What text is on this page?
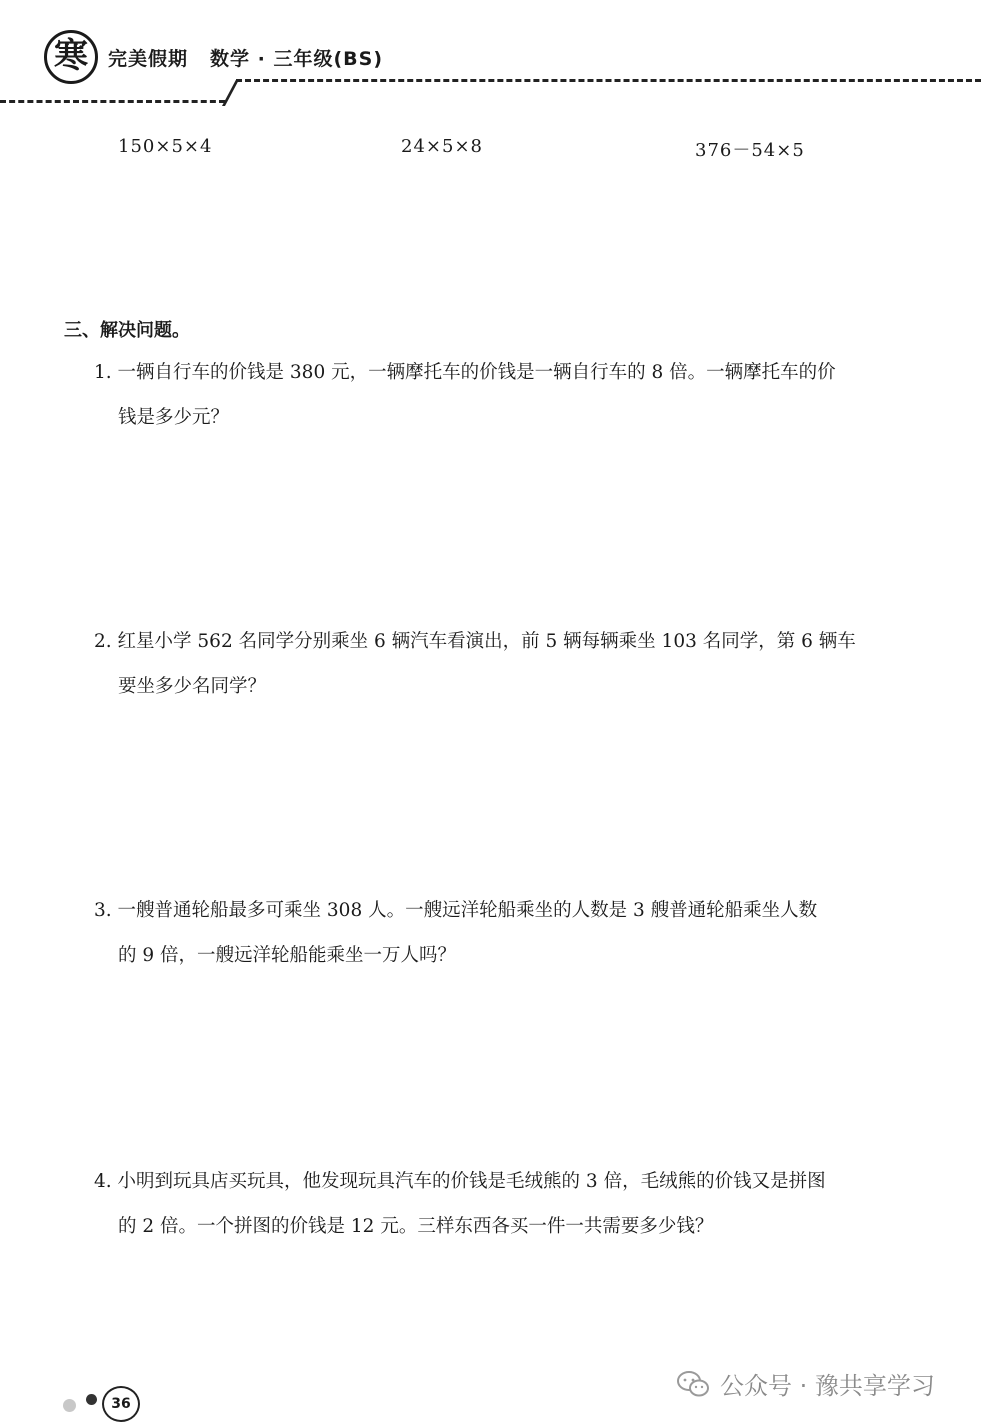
寒 完美假期 数学 · 三年级(BS)
150×5×4	24×5×8	376－54×5
三、解决问题。

1. 一辆自行车的价钱是 380 元，一辆摩托车的价钱是一辆自行车的 8 倍。一辆摩托车的价

钱是多少元？

2. 红星小学 562 名同学分别乘坐 6 辆汽车看演出，前 5 辆每辆乘坐 103 名同学，第 6 辆车

要坐多少名同学？

3. 一艘普通轮船最多可乘坐 308 人。一艘远洋轮船乘坐的人数是 3 艘普通轮船乘坐人数

的 9 倍，一艘远洋轮船能乘坐一万人吗？

4. 小明到玩具店买玩具，他发现玩具汽车的价钱是毛绒熊的 3 倍，毛绒熊的价钱又是拼图

的 2 倍。一个拼图的价钱是 12 元。三样东西各买一件一共需要多少钱？

36
公众号 · 豫共享学习
